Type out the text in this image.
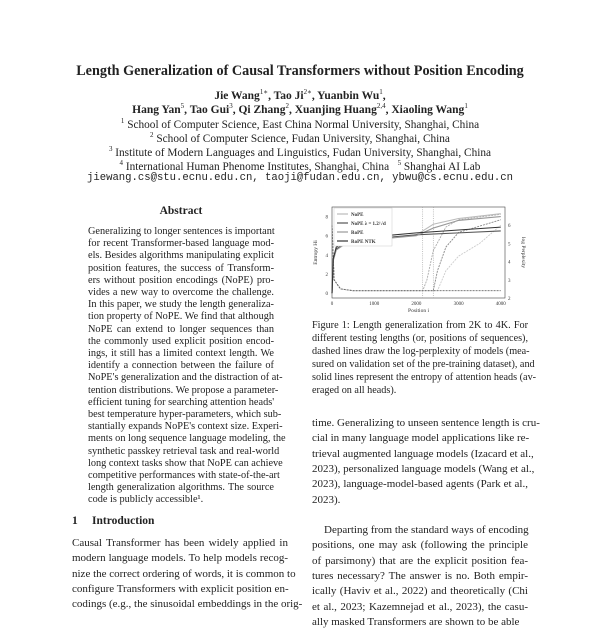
Length Generalization of Causal Transformers without Position Encoding
Jie Wang$^{1∗}$, Tao $Ji^{2∗}$, Yuanbin Wu$^1$,
Hang Yan$^5$, Tao Gui$^3$, Qi Zhang$^2$, Xuanjing Huang$^{2,4}$, Xiaoling Wang$^1$
$^1$ School of Computer Science, East China Normal University, Shanghai, China
$^2$ School of Computer Science, Fudan University, Shanghai, China
$^3$ Institute of Modern Languages and Linguistics, Fudan University, Shanghai, China
$^4$ International Human Phenome Institutes, Shanghai, China $^5$ Shanghai AI Lab
jiewang.cs@stu.ecnu.edu.cn, taoji@fudan.edu.cn, ybwu@cs.ecnu.edu.cn
Abstract
Generalizing to longer sentences is important
for recent Transformer-based language mod-
els. Besides algorithms manipulating explicit
position features, the success of Transform-
ers without position encodings (NoPE) pro-
vides a new way to overcome the challenge.
In this paper, we study the length generaliza-
tion property of NoPE. We find that although
NoPE can extend to longer sequences than
the commonly used explicit position encod-
ings, it still has a limited context length. We
identify a connection between the failure of
NoPE's generalization and the distraction of at-
tention distributions. We propose a parameter-
efficient tuning for searching attention heads'
best temperature hyper-parameters, which sub-
stantially expands NoPE's context size. Experi-
ments on long sequence language modeling, the
synthetic passkey retrieval task and real-world
long context tasks show that NoPE can achieve
competitive performances with state-of-the-art
length generalization algorithms. The source
code is publicly accessible¹.
1 Introduction
Causal Transformer has been widely applied in
modern language models. To help models recog-
nize the correct ordering of words, it is common to
configure Transformers with explicit position en-
codings (e.g., the sinusoidal embeddings in the orig-
0	1000	2000	3000	4000
0
2
4
6
8
2
3
4
5
6
Position i
Entropy Hi	log Perplexity
NoPE
NoPE λ = 1.2/√d
RoPE
RoPE NTK
Figure 1: Length generalization from 2K to 4K. For
different testing lengths (or, positions of sequences),
dashed lines draw the log-perplexity of models (mea-
sured on validation set of the pre-training dataset), and
solid lines represent the entropy of attention heads (av-
eraged on all heads).
time. Generalizing to unseen sentence length is cru-
cial in many language model applications like re-
trieval augmented language models (Izacard et al.,
2023), personalized language models (Wang et al.,
2023), language-model-based agents (Park et al.,
2023).
Departing from the standard ways of encoding
positions, one may ask (following the principle
of parsimony) that are the explicit position fea-
tures necessary? The answer is no. Both empir-
ically (Haviv et al., 2022) and theoretically (Chi
et al., 2023; Kazemnejad et al., 2023), the casu-
ally masked Transformers are shown to be able
